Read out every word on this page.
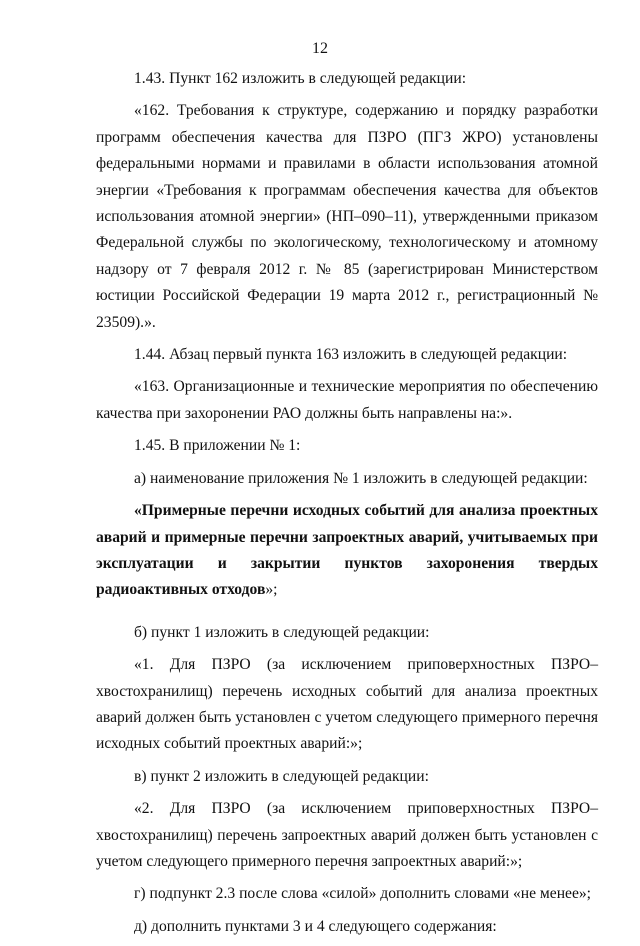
12

1.43. Пункт 162 изложить в следующей редакции:

«162. Требования к структуре, содержанию и порядку разработки программ обеспечения качества для ПЗРО (ПГЗ ЖРО) установлены федеральными нормами и правилами в области использования атомной энергии «Требования к программам обеспечения качества для объектов использования атомной энергии» (НП–090–11), утвержденными приказом Федеральной службы по экологическому, технологическому и атомному надзору от 7 февраля 2012 г. № 85 (зарегистрирован Министерством юстиции Российской Федерации 19 марта 2012 г., регистрационный № 23509).».

1.44. Абзац первый пункта 163 изложить в следующей редакции:

«163. Организационные и технические мероприятия по обеспечению качества при захоронении РАО должны быть направлены на:».

1.45. В приложении № 1:

а) наименование приложения № 1 изложить в следующей редакции:

«Примерные перечни исходных событий для анализа проектных аварий и примерные перечни запроектных аварий, учитываемых при эксплуатации и закрытии пунктов захоронения твердых радиоактивных отходов»;

б) пункт 1 изложить в следующей редакции:

«1. Для ПЗРО (за исключением приповерхностных ПЗРО–хвостохранилищ) перечень исходных событий для анализа проектных аварий должен быть установлен с учетом следующего примерного перечня исходных событий проектных аварий:»;

в) пункт 2 изложить в следующей редакции:

«2. Для ПЗРО (за исключением приповерхностных ПЗРО–хвостохранилищ) перечень запроектных аварий должен быть установлен с учетом следующего примерного перечня запроектных аварий:»;

г) подпункт 2.3 после слова «силой» дополнить словами «не менее»;

д) дополнить пунктами 3 и 4 следующего содержания:
